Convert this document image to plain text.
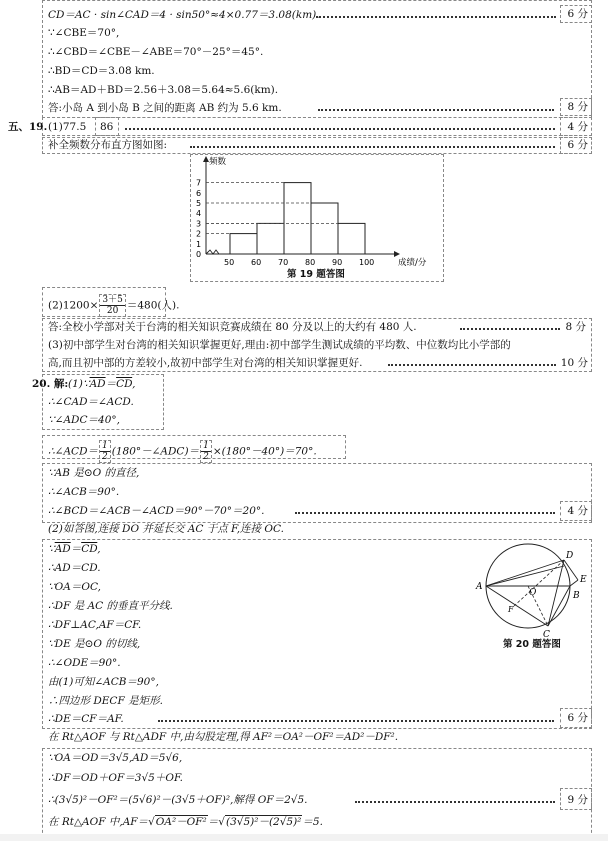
CD＝AC · sin∠CAD＝4 · sin50°≈4×0.77＝3.08(km).	6 分
∵∠CBE＝70°,
∴∠CBD＝∠CBE－∠ABE＝70°－25°＝45°.
∴BD＝CD＝3.08 km.
∴AB＝AD＋BD＝2.56＋3.08＝5.64≈5.6(km).
答:小岛 A 到小岛 B 之间的距离 AB 约为 5.6 km.	8 分
五、19. (1)77.5 86	4 分
补全频数分布直方图如图:	6 分
0
1
2
3
4
5
6
7
50 60 70 80 90 100
频数
成绩/分
第 19 题答图
$(2)1200\times \frac{3+5}{20} =480$(人).
答:全校小学部对关于台湾的相关知识竞赛成绩在 80 分及以上的大约有 480 人.	8 分
(3)初中部学生对台湾的相关知识掌握更好,理由:初中部学生测试成绩的平均数、中位数均比小学部的
高,而且初中部的方差较小,故初中部学生对台湾的相关知识掌握更好.	10 分
20. 解: $(1)\because\overline{AD}=\overline{CD}$,
∴∠CAD＝∠ACD.
∵∠ADC＝40°,
∴∠ACD＝ $\frac{1}{2}$ (180°－∠ADC)＝ $\frac{1}{2} \times(180^\circ-40^\circ)=70^\circ$.
∵AB 是⊙O 的直径,
∴∠ACB＝90°.
∴∠BCD＝∠ACB－∠ACD＝90°－70°＝20°.	4 分
(2)如答图,连接 DO 并延长交 AC 于点 F,连接 OC.
$\because\overline{AD}=\overline{CD}$,
∴AD＝CD.
∵OA＝OC,
∴DF 是 AC 的垂直平分线.
∴DF⊥AC,AF＝CF.
∵DE 是⊙O 的切线,
∴∠ODE＝90°.
由(1)可知∠ACB＝90°,
∴四边形 DECF 是矩形.
∴DE＝CF＝AF.	6 分
A
B
C
D
E
F
O
第 20 题答图
在 Rt△AOF 与 Rt△ADF 中,由勾股定理,得 AF²＝OA²－OF²＝AD²－DF².
∵OA＝OD＝3√5,AD＝5√6,
∴DF＝OD＋OF＝3√5＋OF.
∴(3√5)²－OF²＝(5√6)²－(3√5＋OF)²,解得 OF＝2√5.	9 分
在 Rt△AOF 中,AF＝√OA²－OF²＝√(3√5)²－(2√5)²＝5.
